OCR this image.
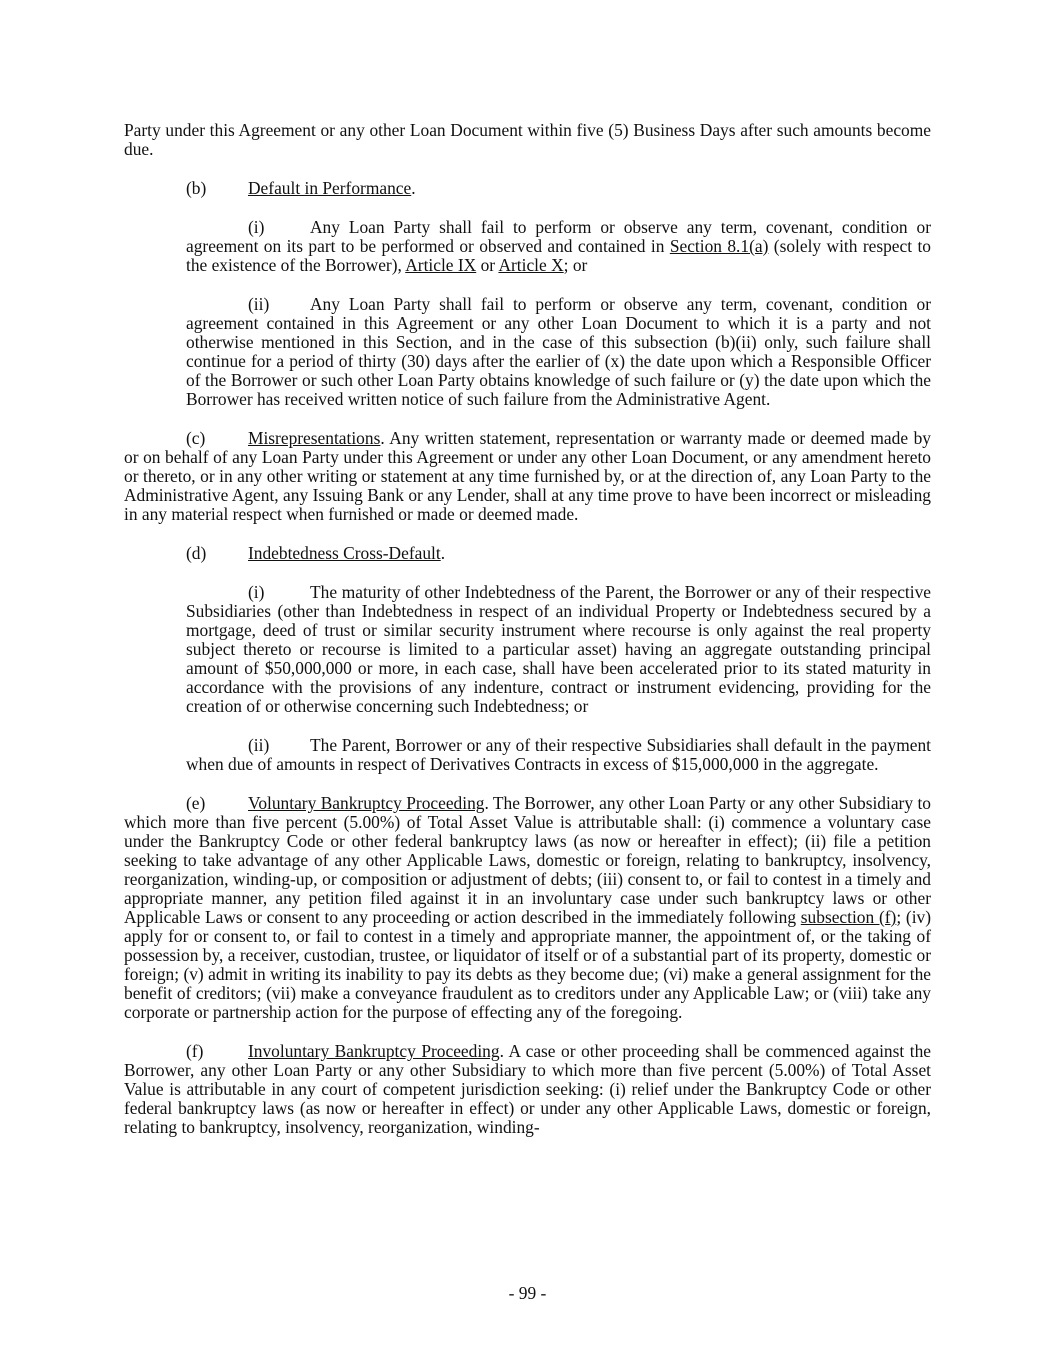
Party under this Agreement or any other Loan Document within five (5) Business Days after such amounts become due.

(b) Default in Performance.

(i)	Any Loan Party shall fail to perform or observe any term, covenant, condition or agreement on its part to be performed or observed and contained in Section 8.1(a) (solely with respect to the existence of the Borrower), Article IX or Article X; or

(ii) Any Loan Party shall fail to perform or observe any term, covenant, condition or agreement contained in this Agreement or any other Loan Document to which it is a party and not otherwise mentioned in this Section, and in the case of this subsection (b)(ii) only, such failure shall continue for a period of thirty (30) days after the earlier of (x) the date upon which a Responsible Officer of the Borrower or such other Loan Party obtains knowledge of such failure or (y) the date upon which the Borrower has received written notice of such failure from the Administrative Agent.

(c) Misrepresentations. Any written statement, representation or warranty made or deemed made by or on behalf of any Loan Party under this Agreement or under any other Loan Document, or any amendment hereto or thereto, or in any other writing or statement at any time furnished by, or at the direction of, any Loan Party to the Administrative Agent, any Issuing Bank or any Lender, shall at any time prove to have been incorrect or misleading in any material respect when furnished or made or deemed made.

(d) Indebtedness Cross-Default.

(i)	The maturity of other Indebtedness of the Parent, the Borrower or any of their respective Subsidiaries (other than Indebtedness in respect of an individual Property or Indebtedness secured by a mortgage, deed of trust or similar security instrument where recourse is only against the real property subject thereto or recourse is limited to a particular asset) having an aggregate outstanding principal amount of $50,000,000 or more, in each case, shall have been accelerated prior to its stated maturity in accordance with the provisions of any indenture, contract or instrument evidencing, providing for the creation of or otherwise concerning such Indebtedness; or

(ii) The Parent, Borrower or any of their respective Subsidiaries shall default in the payment when due of amounts in respect of Derivatives Contracts in excess of $15,000,000 in the aggregate.

(e) Voluntary Bankruptcy Proceeding. The Borrower, any other Loan Party or any other Subsidiary to which more than five percent (5.00%) of Total Asset Value is attributable shall: (i) commence a voluntary case under the Bankruptcy Code or other federal bankruptcy laws (as now or hereafter in effect); (ii) file a petition seeking to take advantage of any other Applicable Laws, domestic or foreign, relating to bankruptcy, insolvency, reorganization, winding-up, or composition or adjustment of debts; (iii) consent to, or fail to contest in a timely and appropriate manner, any petition filed against it in an involuntary case under such bankruptcy laws or other Applicable Laws or consent to any proceeding or action described in the immediately following subsection (f); (iv) apply for or consent to, or fail to contest in a timely and appropriate manner, the appointment of, or the taking of possession by, a receiver, custodian, trustee, or liquidator of itself or of a substantial part of its property, domestic or foreign; (v) admit in writing its inability to pay its debts as they become due; (vi) make a general assignment for the benefit of creditors; (vii) make a conveyance fraudulent as to creditors under any Applicable Law; or (viii) take any corporate or partnership action for the purpose of effecting any of the foregoing.

(f)	Involuntary Bankruptcy Proceeding. A case or other proceeding shall be commenced against the Borrower, any other Loan Party or any other Subsidiary to which more than five percent (5.00%) of Total Asset Value is attributable in any court of competent jurisdiction seeking: (i) relief under the Bankruptcy Code or other federal bankruptcy laws (as now or hereafter in effect) or under any other Applicable Laws, domestic or foreign, relating to bankruptcy, insolvency, reorganization, winding-

- 99 -
